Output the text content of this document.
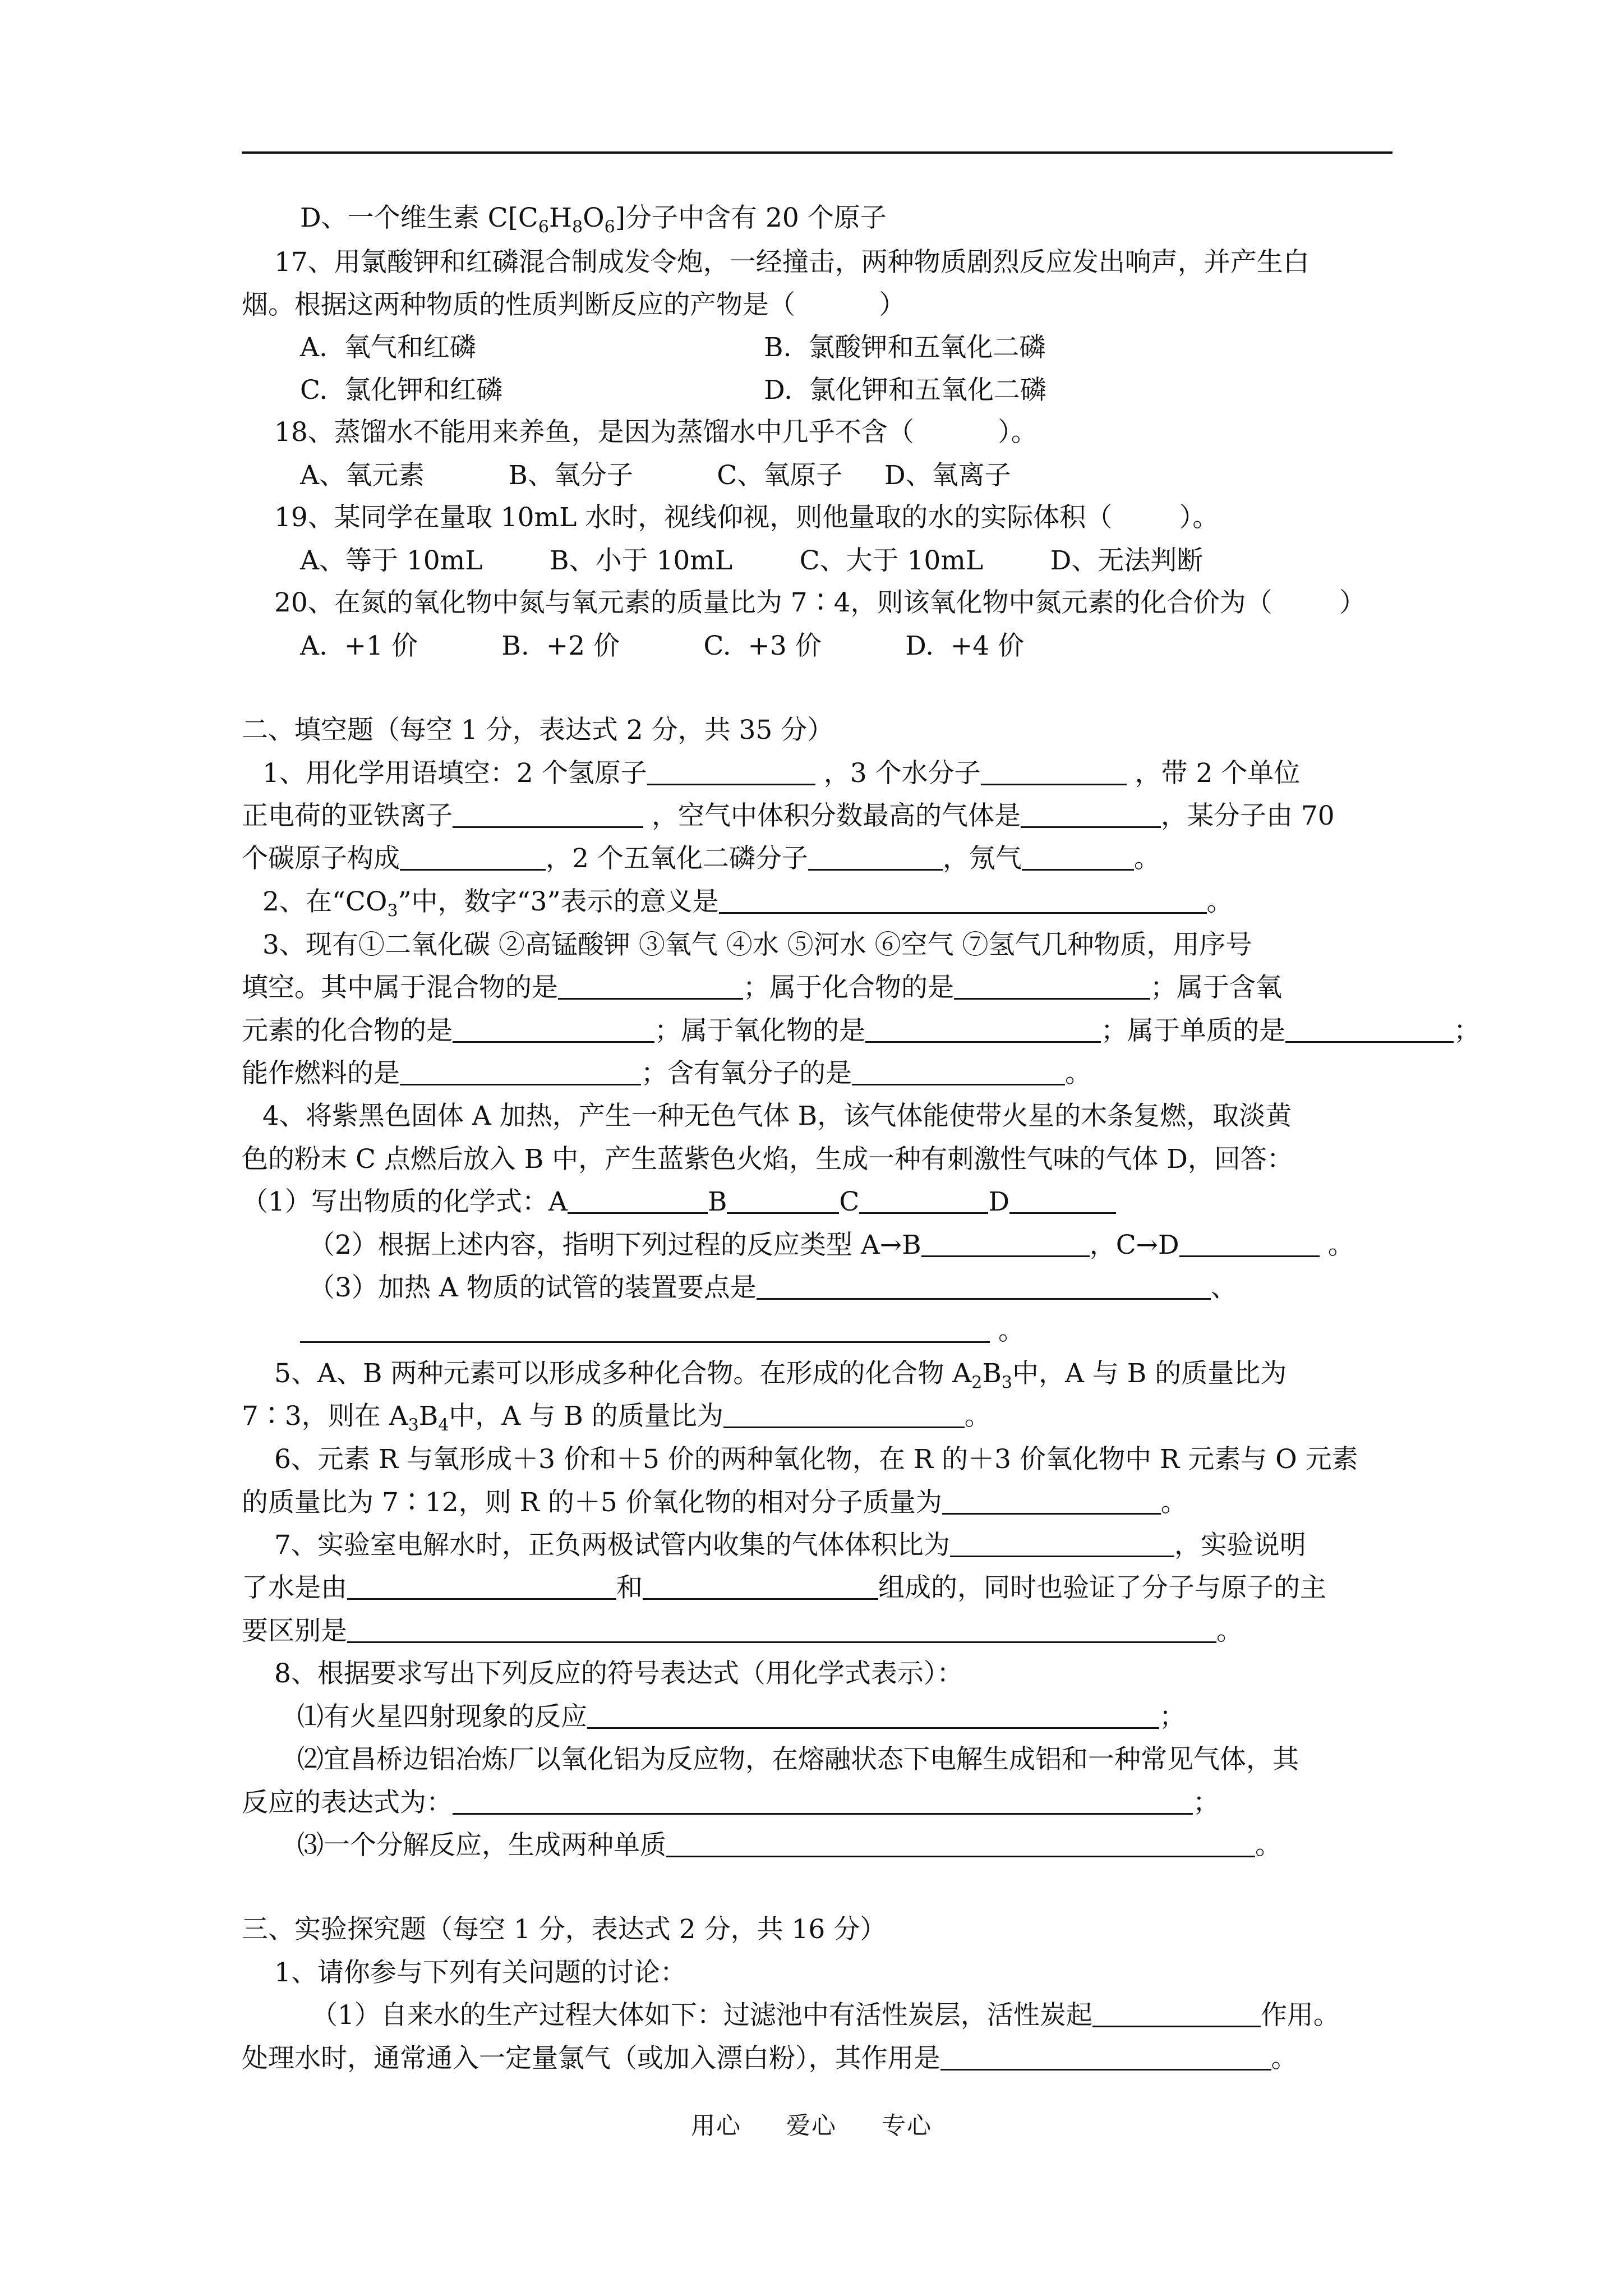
D、一个维生素 $C[C_6H_8O_6]$分子中含有 20 个原子
17、用氯酸钾和红磷混合制成发令炮，一经撞击，两种物质剧烈反应发出响声，并产生白
烟。根据这两种物质的性质判断反应的产物是（          ）
A.  氧气和红磷	B.  氯酸钾和五氧化二磷
C.  氯化钾和红磷	D.  氯化钾和五氧化二磷
18、蒸馏水不能用来养鱼，是因为蒸馏水中几乎不含（          ）。
A、氧元素          B、氧分子          C、氧原子     D、氧离子
19、某同学在量取 10mL 水时，视线仰视，则他量取的水的实际体积（        ）。
A、等于 10mL        B、小于 10mL        C、大于 10mL        D、无法判断
20、在氮的氧化物中氮与氧元素的质量比为 7∶4，则该氧化物中氮元素的化合价为（        ）
A.  +1 价          B.  +2 价          C.  +3 价          D.  +4 价
二、填空题（每空 1 分，表达式 2 分，共 35 分）
1、用化学用语填空：2 个氢原子	，3 个水分子	，带 2 个单位
正电荷的亚铁离子	，空气中体积分数最高的气体是	，某分子由 70
个碳原子构成	，2 个五氧化二磷分子	，氖气	。
2、在“$CO_3$”中，数字“3”表示的意义是	。
3、现有①二氧化碳 ②高锰酸钾 ③氧气 ④水 ⑤河水 ⑥空气 ⑦氢气几种物质，用序号
填空。其中属于混合物的是	；属于化合物的是	；属于含氧
元素的化合物的是	；属于氧化物的是	；属于单质的是	；
能作燃料的是	；含有氧分子的是	。
4、将紫黑色固体 A 加热，产生一种无色气体 B，该气体能使带火星的木条复燃，取淡黄
色的粉末 C 点燃后放入 B 中，产生蓝紫色火焰，生成一种有刺激性气味的气体 D，回答：
（1）写出物质的化学式：A	B	C	D
（2）根据上述内容，指明下列过程的反应类型 A→B	，C→D	。
（3）加热 A 物质的试管的装置要点是	、
。
5、A、B 两种元素可以形成多种化合物。在形成的化合物 $A_2B_3$中，A 与 B 的质量比为
7∶3，则在 $A_3B_4$中，A 与 B 的质量比为	。
6、元素 R 与氧形成＋3 价和＋5 价的两种氧化物，在 R 的＋3 价氧化物中 R 元素与 O 元素
的质量比为 7∶12，则 R 的＋5 价氧化物的相对分子质量为	。
7、实验室电解水时，正负两极试管内收集的气体体积比为	，实验说明
了水是由	和	组成的，同时也验证了分子与原子的主
要区别是	。
8、根据要求写出下列反应的符号表达式（用化学式表示）：
⑴有火星四射现象的反应	；
⑵宜昌桥边铝冶炼厂以氧化铝为反应物，在熔融状态下电解生成铝和一种常见气体，其
反应的表达式为：	；
⑶一个分解反应，生成两种单质	。
三、实验探究题（每空 1 分，表达式 2 分，共 16 分）
1、请你参与下列有关问题的讨论：
（1）自来水的生产过程大体如下：过滤池中有活性炭层，活性炭起	作用。
处理水时，通常通入一定量氯气（或加入漂白粉），其作用是	。
用心 爱心 专心
